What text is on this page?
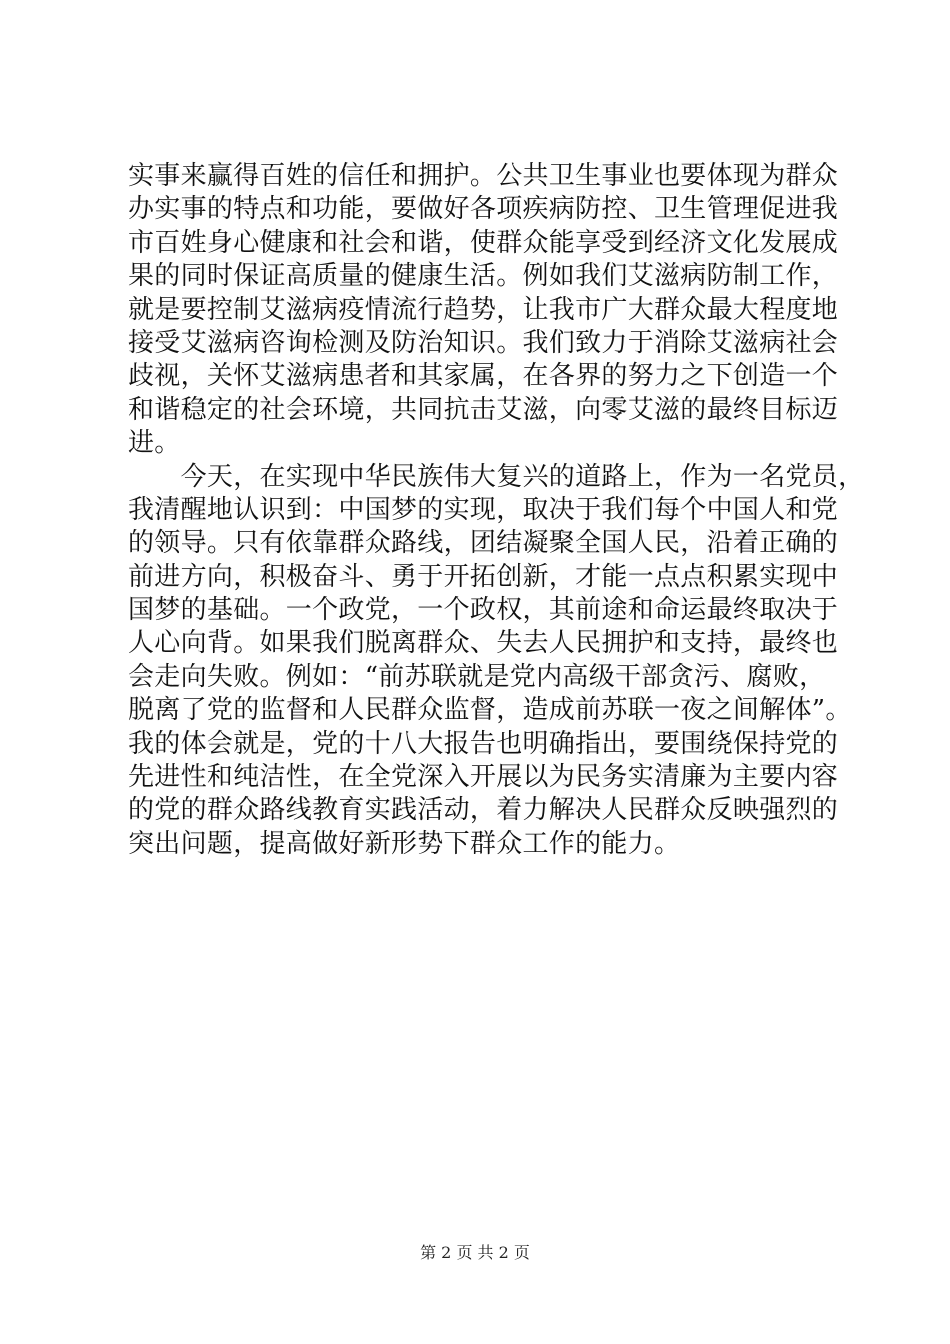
实事来赢得百姓的信任和拥护。公共卫生事业也要体现为群众
办实事的特点和功能，要做好各项疾病防控、卫生管理促进我
市百姓身心健康和社会和谐，使群众能享受到经济文化发展成
果的同时保证高质量的健康生活。例如我们艾滋病防制工作，
就是要控制艾滋病疫情流行趋势，让我市广大群众最大程度地
接受艾滋病咨询检测及防治知识。我们致力于消除艾滋病社会
歧视，关怀艾滋病患者和其家属，在各界的努力之下创造一个
和谐稳定的社会环境，共同抗击艾滋，向零艾滋的最终目标迈
进。
　　今天，在实现中华民族伟大复兴的道路上，作为一名党员，
我清醒地认识到：中国梦的实现，取决于我们每个中国人和党
的领导。只有依靠群众路线，团结凝聚全国人民，沿着正确的
前进方向，积极奋斗、勇于开拓创新，才能一点点积累实现中
国梦的基础。一个政党，一个政权，其前途和命运最终取决于
人心向背。如果我们脱离群众、失去人民拥护和支持，最终也
会走向失败。例如：“前苏联就是党内高级干部贪污、腐败，
脱离了党的监督和人民群众监督，造成前苏联一夜之间解体”。
我的体会就是，党的十八大报告也明确指出，要围绕保持党的
先进性和纯洁性，在全党深入开展以为民务实清廉为主要内容
的党的群众路线教育实践活动，着力解决人民群众反映强烈的
突出问题，提高做好新形势下群众工作的能力。
第 2 页 共 2 页
